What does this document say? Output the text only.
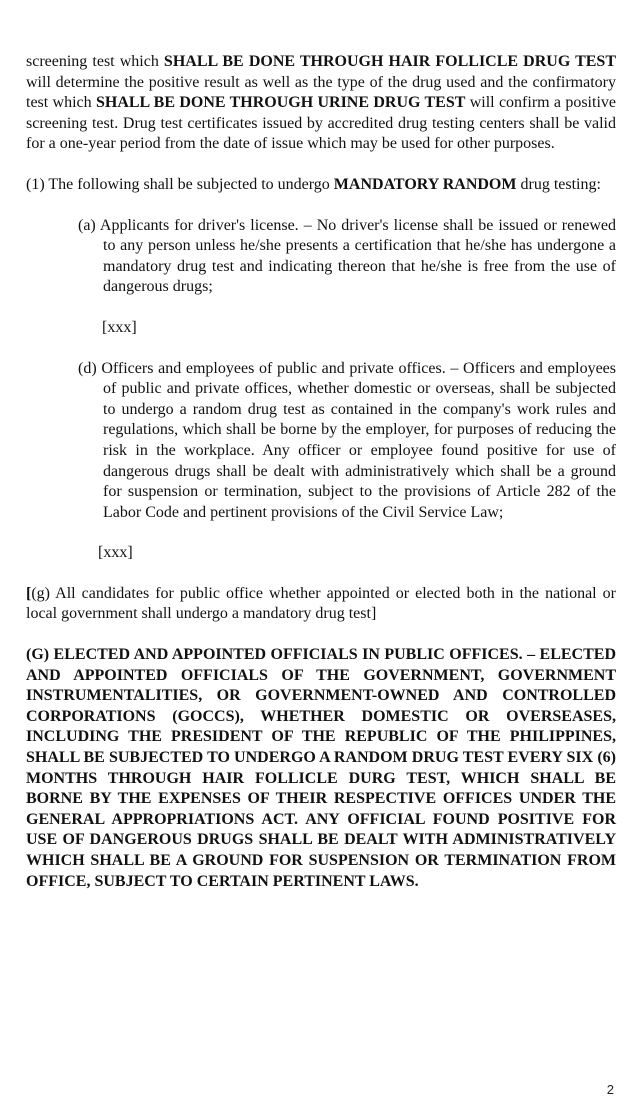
screening test which SHALL BE DONE THROUGH HAIR FOLLICLE DRUG TEST will determine the positive result as well as the type of the drug used and the confirmatory test which SHALL BE DONE THROUGH URINE DRUG TEST will confirm a positive screening test. Drug test certificates issued by accredited drug testing centers shall be valid for a one-year period from the date of issue which may be used for other purposes.

(1) The following shall be subjected to undergo MANDATORY RANDOM drug testing:

(a) Applicants for driver's license. – No driver's license shall be issued or renewed to any person unless he/she presents a certification that he/she has undergone a mandatory drug test and indicating thereon that he/she is free from the use of dangerous drugs;

[xxx]

(d) Officers and employees of public and private offices. – Officers and employees of public and private offices, whether domestic or overseas, shall be subjected to undergo a random drug test as contained in the company's work rules and regulations, which shall be borne by the employer, for purposes of reducing the risk in the workplace. Any officer or employee found positive for use of dangerous drugs shall be dealt with administratively which shall be a ground for suspension or termination, subject to the provisions of Article 282 of the Labor Code and pertinent provisions of the Civil Service Law;

[xxx]

[(g) All candidates for public office whether appointed or elected both in the national or local government shall undergo a mandatory drug test]

(G) ELECTED AND APPOINTED OFFICIALS IN PUBLIC OFFICES. – ELECTED AND APPOINTED OFFICIALS OF THE GOVERNMENT, GOVERNMENT INSTRUMENTALITIES, OR GOVERNMENT-OWNED AND CONTROLLED CORPORATIONS (GOCCS), WHETHER DOMESTIC OR OVERSEASES, INCLUDING THE PRESIDENT OF THE REPUBLIC OF THE PHILIPPINES, SHALL BE SUBJECTED TO UNDERGO A RANDOM DRUG TEST EVERY SIX (6) MONTHS THROUGH HAIR FOLLICLE DURG TEST, WHICH SHALL BE BORNE BY THE EXPENSES OF THEIR RESPECTIVE OFFICES UNDER THE GENERAL APPROPRIATIONS ACT. ANY OFFICIAL FOUND POSITIVE FOR USE OF DANGEROUS DRUGS SHALL BE DEALT WITH ADMINISTRATIVELY WHICH SHALL BE A GROUND FOR SUSPENSION OR TERMINATION FROM OFFICE, SUBJECT TO CERTAIN PERTINENT LAWS.

2
